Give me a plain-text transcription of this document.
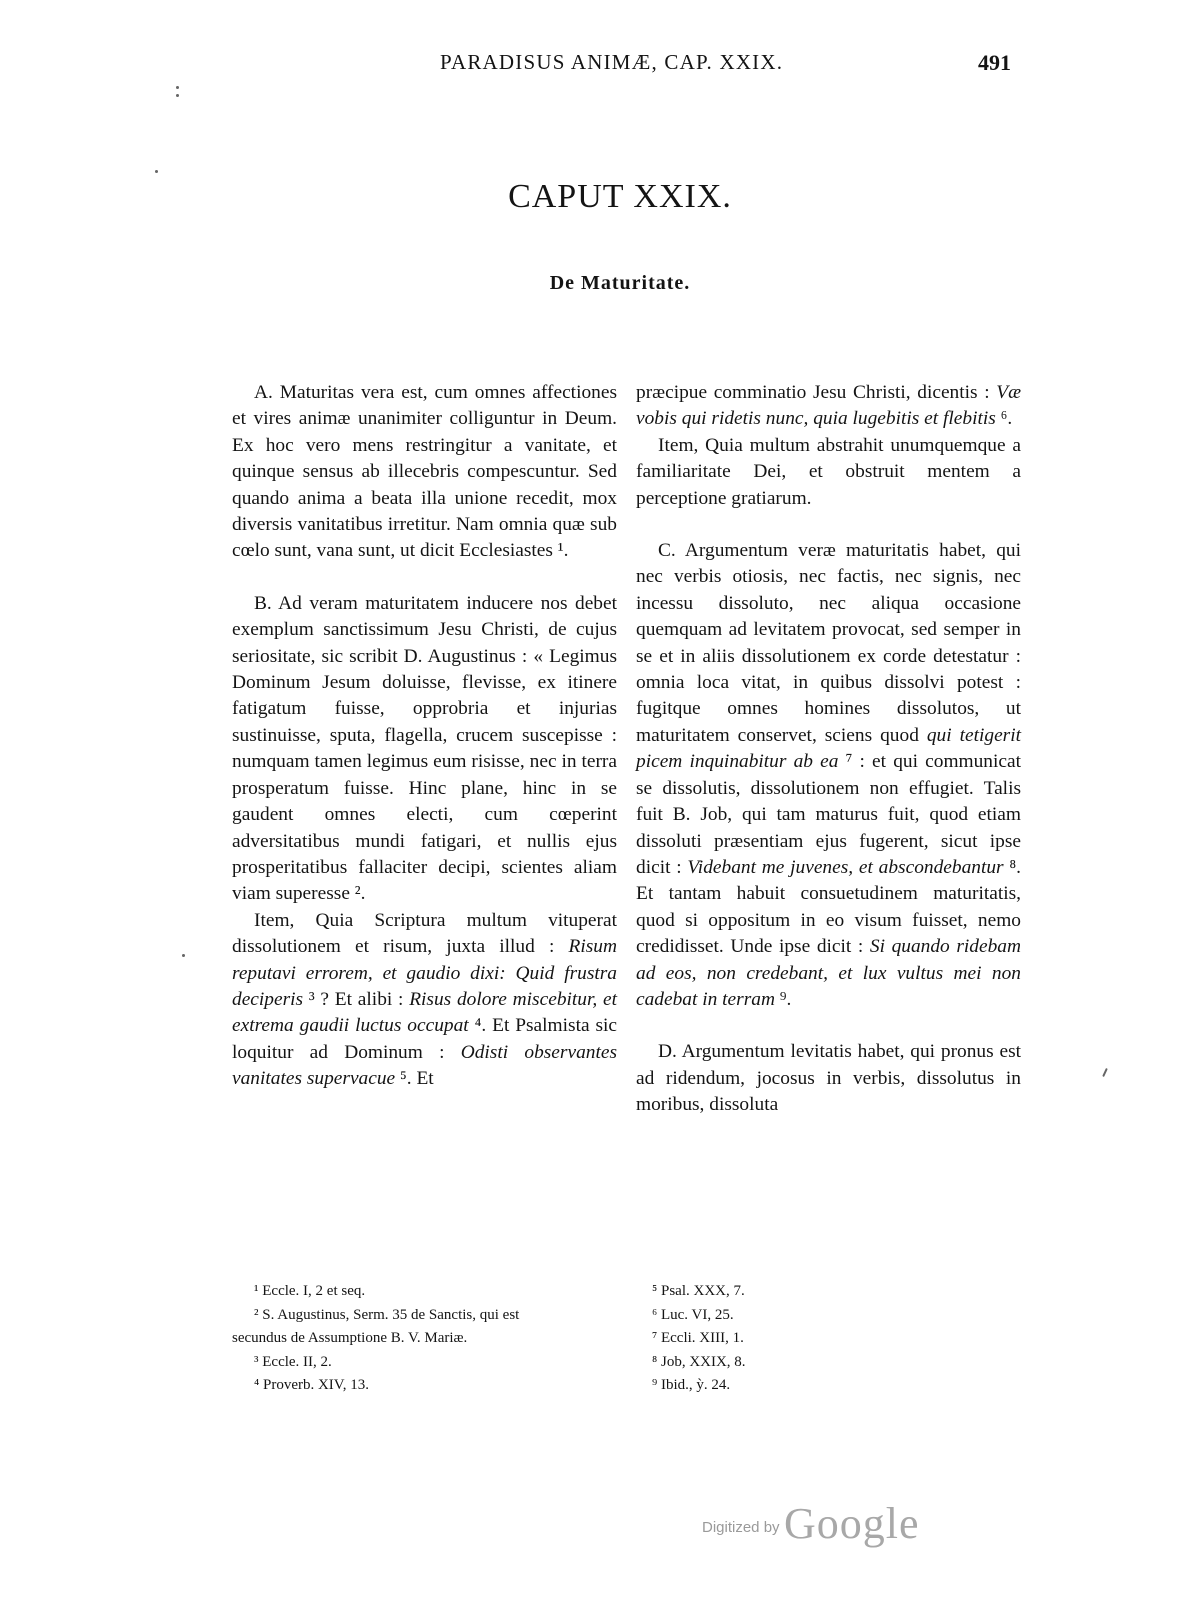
PARADISUS ANIMÆ, CAP. XXIX.	491
CAPUT XXIX.
De Maturitate.

A. Maturitas vera est, cum omnes affectiones et vires animæ unanimiter colliguntur in Deum. Ex hoc vero mens restringitur a vanitate, et quinque sensus ab illecebris compescuntur. Sed quando anima a beata illa unione recedit, mox diversis vanitatibus irretitur. Nam omnia quæ sub cœlo sunt, vana sunt, ut dicit Ecclesiastes ¹.

B. Ad veram maturitatem inducere nos debet exemplum sanctissimum Jesu Christi, de cujus seriositate, sic scribit D. Augustinus : « Legimus Dominum Jesum doluisse, flevisse, ex itinere fatigatum fuisse, opprobria et injurias sustinuisse, sputa, flagella, crucem suscepisse : numquam tamen legimus eum risisse, nec in terra prosperatum fuisse. Hinc plane, hinc in se gaudent omnes electi, cum cœperint adversitatibus mundi fatigari, et nullis ejus prosperitatibus fallaciter decipi, scientes aliam viam superesse ².

Item, Quia Scriptura multum vituperat dissolutionem et risum, juxta illud : Risum reputavi errorem, et gaudio dixi: Quid frustra deciperis ³ ? Et alibi : Risus dolore miscebitur, et extrema gaudii luctus occupat ⁴. Et Psalmista sic loquitur ad Dominum : Odisti observantes vanitates supervacue ⁵. Et

præcipue comminatio Jesu Christi, dicentis : Væ vobis qui ridetis nunc, quia lugebitis et flebitis ⁶.

Item, Quia multum abstrahit unumquemque a familiaritate Dei, et obstruit mentem a perceptione gratiarum.

C. Argumentum veræ maturitatis habet, qui nec verbis otiosis, nec factis, nec signis, nec incessu dissoluto, nec aliqua occasione quemquam ad levitatem provocat, sed semper in se et in aliis dissolutionem ex corde detestatur : omnia loca vitat, in quibus dissolvi potest : fugitque omnes homines dissolutos, ut maturitatem conservet, sciens quod qui tetigerit picem inquinabitur ab ea ⁷ : et qui communicat se dissolutis, dissolutionem non effugiet. Talis fuit B. Job, qui tam maturus fuit, quod etiam dissoluti præsentiam ejus fugerent, sicut ipse dicit : Videbant me juvenes, et abscondebantur ⁸. Et tantam habuit consuetudinem maturitatis, quod si oppositum in eo visum fuisset, nemo credidisset. Unde ipse dicit : Si quando ridebam ad eos, non credebant, et lux vultus mei non cadebat in terram ⁹.

D. Argumentum levitatis habet, qui pronus est ad ridendum, jocosus in verbis, dissolutus in moribus, dissoluta

¹ Eccle. I, 2 et seq.
² S. Augustinus, Serm. 35 de Sanctis, qui est
secundus de Assumptione B. V. Mariæ.
³ Eccle. II, 2.
⁴ Proverb. XIV, 13.
⁵ Psal. XXX, 7.
⁶ Luc. VI, 25.
⁷ Eccli. XIII, 1.
⁸ Job, XXIX, 8.
⁹ Ibid., ỳ. 24.
Digitized by Google
